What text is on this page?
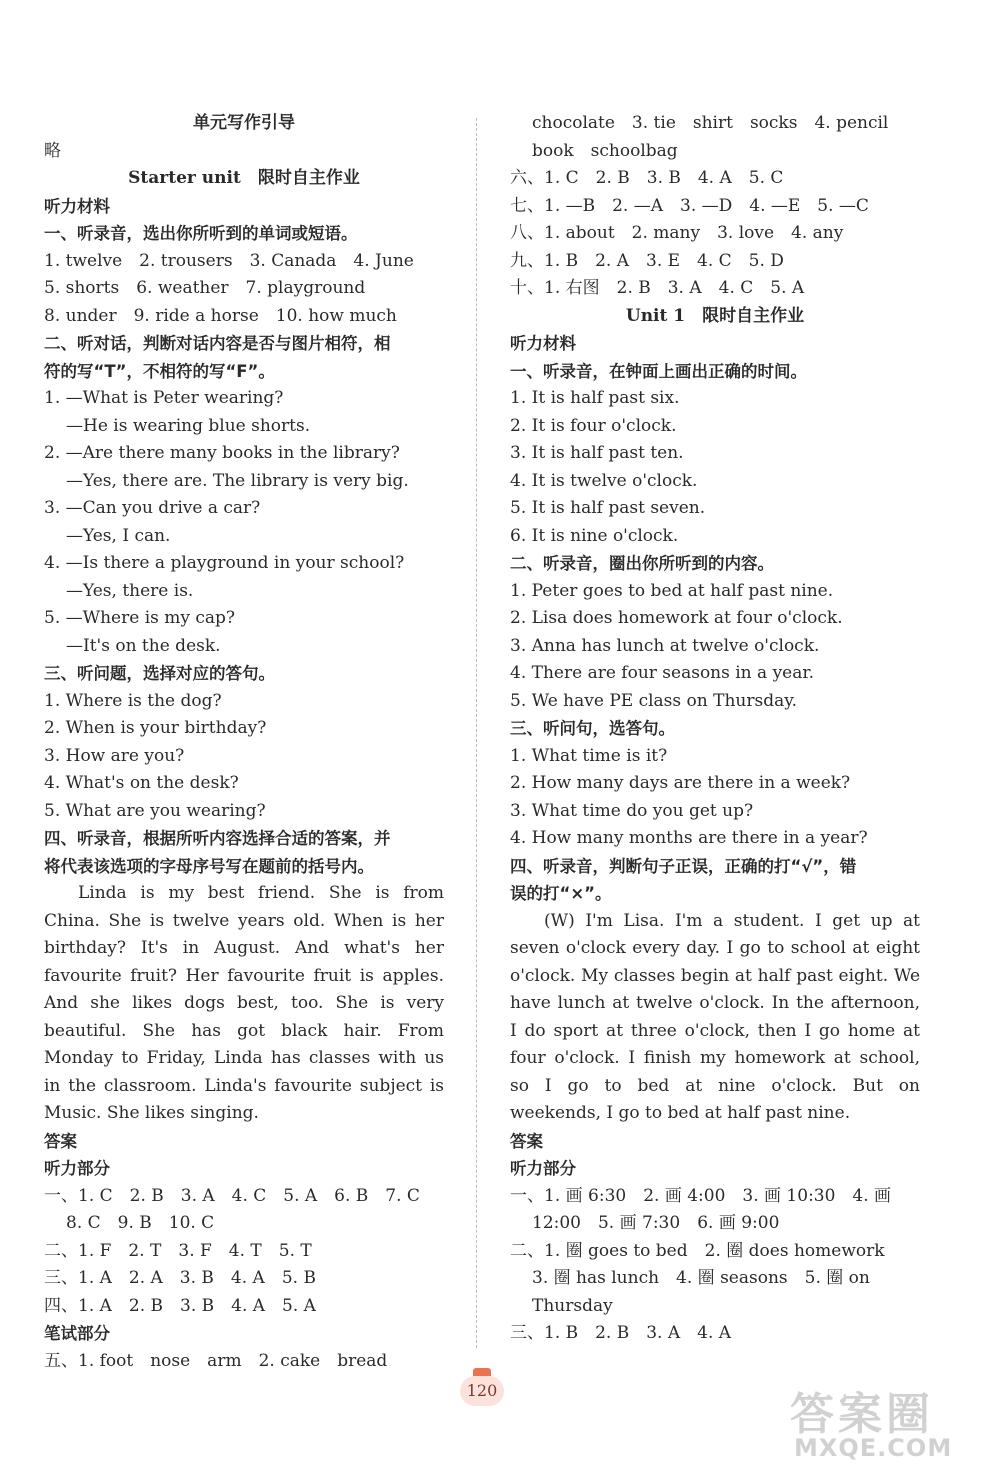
单元写作引导
略
Starter unit　限时自主作业
听力材料
一、听录音，选出你所听到的单词或短语。
1. twelve　2. trousers　3. Canada　4. June
5. shorts　6. weather　7. playground
8. under　9. ride a horse　10. how much
二、听对话，判断对话内容是否与图片相符，相
符的写“T”，不相符的写“F”。
1. —What is Peter wearing?
—He is wearing blue shorts.
2. —Are there many books in the library?
—Yes, there are. The library is very big.
3. —Can you drive a car?
—Yes, I can.
4. —Is there a playground in your school?
—Yes, there is.
5. —Where is my cap?
—It's on the desk.
三、听问题，选择对应的答句。
1. Where is the dog?
2. When is your birthday?
3. How are you?
4. What's on the desk?
5. What are you wearing?
四、听录音，根据所听内容选择合适的答案，并
将代表该选项的字母序号写在题前的括号内。
Linda is my best friend. She is from China. She is twelve years old. When is her birthday? It's in August. And what's her favourite fruit? Her favourite fruit is apples. And she likes dogs best, too. She is very beautiful. She has got black hair. From Monday to Friday, Linda has classes with us in the classroom. Linda's favourite subject is Music. She likes singing.
答案
听力部分
一、1. C　2. B　3. A　4. C　5. A　6. B　7. C
8. C　9. B　10. C
二、1. F　2. T　3. F　4. T　5. T
三、1. A　2. A　3. B　4. A　5. B
四、1. A　2. B　3. B　4. A　5. A
笔试部分
五、1. foot　nose　arm　2. cake　bread
chocolate　3. tie　shirt　socks　4. pencil
book　schoolbag
六、1. C　2. B　3. B　4. A　5. C
七、1. —B　2. —A　3. —D　4. —E　5. —C
八、1. about　2. many　3. love　4. any
九、1. B　2. A　3. E　4. C　5. D
十、1. 右图　2. B　3. A　4. C　5. A
Unit 1　限时自主作业
听力材料
一、听录音，在钟面上画出正确的时间。
1. It is half past six.
2. It is four o'clock.
3. It is half past ten.
4. It is twelve o'clock.
5. It is half past seven.
6. It is nine o'clock.
二、听录音，圈出你所听到的内容。
1. Peter goes to bed at half past nine.
2. Lisa does homework at four o'clock.
3. Anna has lunch at twelve o'clock.
4. There are four seasons in a year.
5. We have PE class on Thursday.
三、听问句，选答句。
1. What time is it?
2. How many days are there in a week?
3. What time do you get up?
4. How many months are there in a year?
四、听录音，判断句子正误，正确的打“√”，错
误的打“×”。
(W) I'm Lisa. I'm a student. I get up at seven o'clock every day. I go to school at eight o'clock. My classes begin at half past eight. We have lunch at twelve o'clock. In the afternoon, I do sport at three o'clock, then I go home at four o'clock. I finish my homework at school, so I go to bed at nine o'clock. But on weekends, I go to bed at half past nine.
答案
听力部分
一、1. 画 6:30　2. 画 4:00　3. 画 10:30　4. 画
12:00　5. 画 7:30　6. 画 9:00
二、1. 圈 goes to bed　2. 圈 does homework
3. 圈 has lunch　4. 圈 seasons　5. 圈 on
Thursday
三、1. B　2. B　3. A　4. A
120	答案圈
MXQE.COM
